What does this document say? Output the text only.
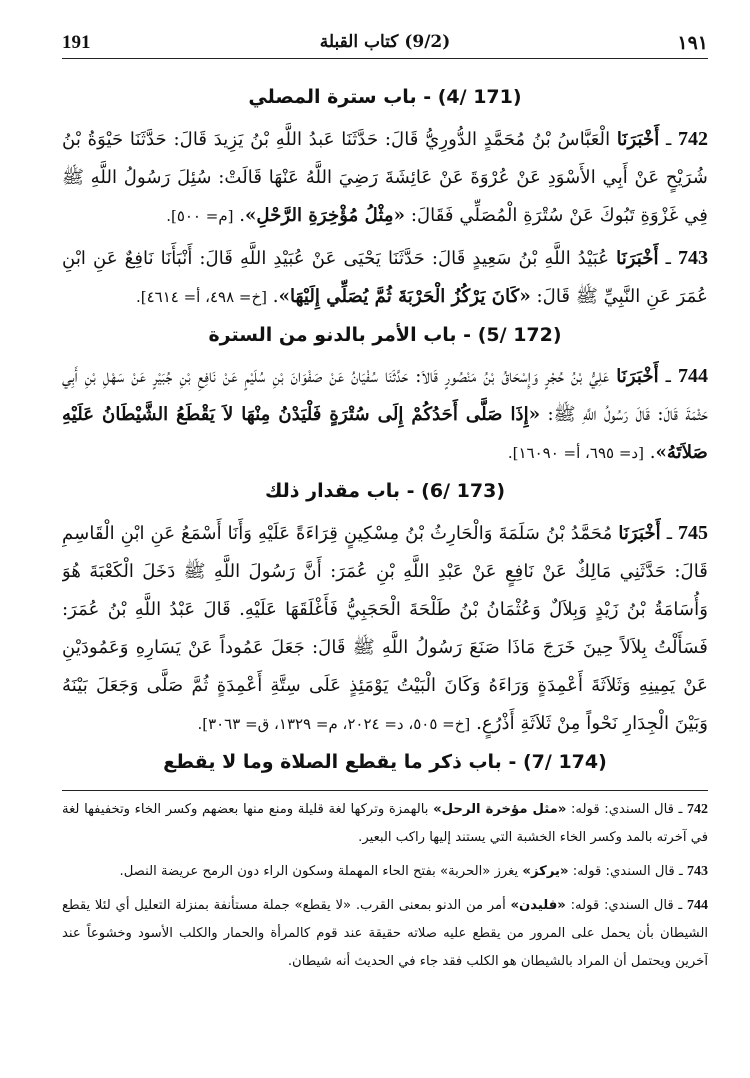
191	(9/2) كتاب القبلة	١٩١
(171 /4) - باب سترة المصلي

742 ـ أَخْبَرَنَا الْعَبَّاسُ بْنُ مُحَمَّدٍ الدُّورِيُّ قَالَ: حَدَّثَنَا عَبدُ اللَّهِ بْنُ يَزِيدَ قَالَ: حَدَّثَنَا حَيْوَةُ بْنُ شُرَيْحٍ عَنْ أَبِي الأَسْوَدِ عَنْ عُرْوَةَ عَنْ عَائِشَةَ رَضِيَ اللَّهُ عَنْهَا قَالَتْ: سُئِلَ رَسُولُ اللَّهِ ﷺ فِي غَزْوَةِ تَبُوكَ عَنْ سُتْرَةِ الْمُصَلِّي فَقَالَ: «مِثْلُ مُؤْخِرَةِ الرَّحْلِ». [م= ٥٠٠].

743 ـ أَخْبَرَنَا عُبَيْدُ اللَّهِ بْنُ سَعِيدٍ قَالَ: حَدَّثَنَا يَحْيَى عَنْ عُبَيْدِ اللَّهِ قَالَ: أَنْبَأَنَا نَافِعٌ عَنِ ابْنِ عُمَرَ عَنِ النَّبِيِّ ﷺ قَالَ: «كَانَ يَرْكُزُ الْحَرْبَةَ ثُمَّ يُصَلِّي إِلَيْهَا». [خ= ٤٩٨، أ= ٤٦١٤].

(172 /5) - باب الأمر بالدنو من السترة

744 ـ أَخْبَرَنَا عَلِيُّ بْنُ حُجْرٍ وَإِسْحَاقُ بْنُ مَنْصُورٍ قَالاَ: حَدَّثَنَا سُفْيَانُ عَنْ صَفْوَانَ بْنِ سُلَيْمٍ عَنْ نَافِعِ بْنِ جُبَيْرٍ عَنْ سَهْلِ بْنِ أَبِي حَثْمَةَ قَالَ: قَالَ رَسُولُ اللَّهِ ﷺ: «إِذَا صَلَّى أَحَدُكُمْ إِلَى سُتْرَةٍ فَلْيَدْنُ مِنْهَا لاَ يَقْطَعُ الشَّيْطَانُ عَلَيْهِ صَلاَتَهُ». [د= ٦٩٥، أ= ١٦٠٩٠].

(173 /6) - باب مقدار ذلك

745 ـ أَخْبَرَنَا مُحَمَّدُ بْنُ سَلَمَةَ وَالْحَارِثُ بْنُ مِسْكِينٍ قِرَاءَةً عَلَيْهِ وَأَنَا أَسْمَعُ عَنِ ابْنِ الْقَاسِمِ قَالَ: حَدَّثَنِي مَالِكٌ عَنْ نَافِعٍ عَنْ عَبْدِ اللَّهِ بْنِ عُمَرَ: أَنَّ رَسُولَ اللَّهِ ﷺ دَخَلَ الْكَعْبَةَ هُوَ وَأُسَامَةُ بْنُ زَيْدٍ وَبِلاَلٌ وَعُثْمَانُ بْنُ طَلْحَةَ الْحَجَبِيُّ فَأَغْلَقَهَا عَلَيْهِ. قَالَ عَبْدُ اللَّهِ بْنُ عُمَرَ: فَسَأَلْتُ بِلاَلاً حِينَ خَرَجَ مَاذَا صَنَعَ رَسُولُ اللَّهِ ﷺ قَالَ: جَعَلَ عَمُوداً عَنْ يَسَارِهِ وَعَمُودَيْنِ عَنْ يَمِينِهِ وَثَلاَثَةَ أَعْمِدَةٍ وَرَاءَهُ وَكَانَ الْبَيْتُ يَوْمَئِذٍ عَلَى سِتَّةِ أَعْمِدَةٍ ثُمَّ صَلَّى وَجَعَلَ بَيْنَهُ وَبَيْنَ الْجِدَارِ نَحْواً مِنْ ثَلاَثَةِ أَذْرُعٍ. [خ= ٥٠٥، د= ٢٠٢٤، م= ١٣٢٩، ق= ٣٠٦٣].

(174 /7) - باب ذكر ما يقطع الصلاة وما لا يقطع

742 ـ قال السندي: قوله: «مثل مؤخرة الرحل» بالهمزة وتركها لغة قليلة ومنع منها بعضهم وكسر الخاء وتخفيفها لغة في آخرته بالمد وكسر الخاء الخشبة التي يستند إليها راكب البعير.

743 ـ قال السندي: قوله: «يركز» يغرز «الحربة» بفتح الحاء المهملة وسكون الراء دون الرمح عريضة النصل.

744 ـ قال السندي: قوله: «فليدن» أمر من الدنو بمعنى القرب. «لا يقطع» جملة مستأنفة بمنزلة التعليل أي لئلا يقطع الشيطان بأن يحمل على المرور من يقطع عليه صلاته حقيقة عند قوم كالمرأة والحمار والكلب الأسود وخشوعاً عند آخرين ويحتمل أن المراد بالشيطان هو الكلب فقد جاء في الحديث أنه شيطان.
